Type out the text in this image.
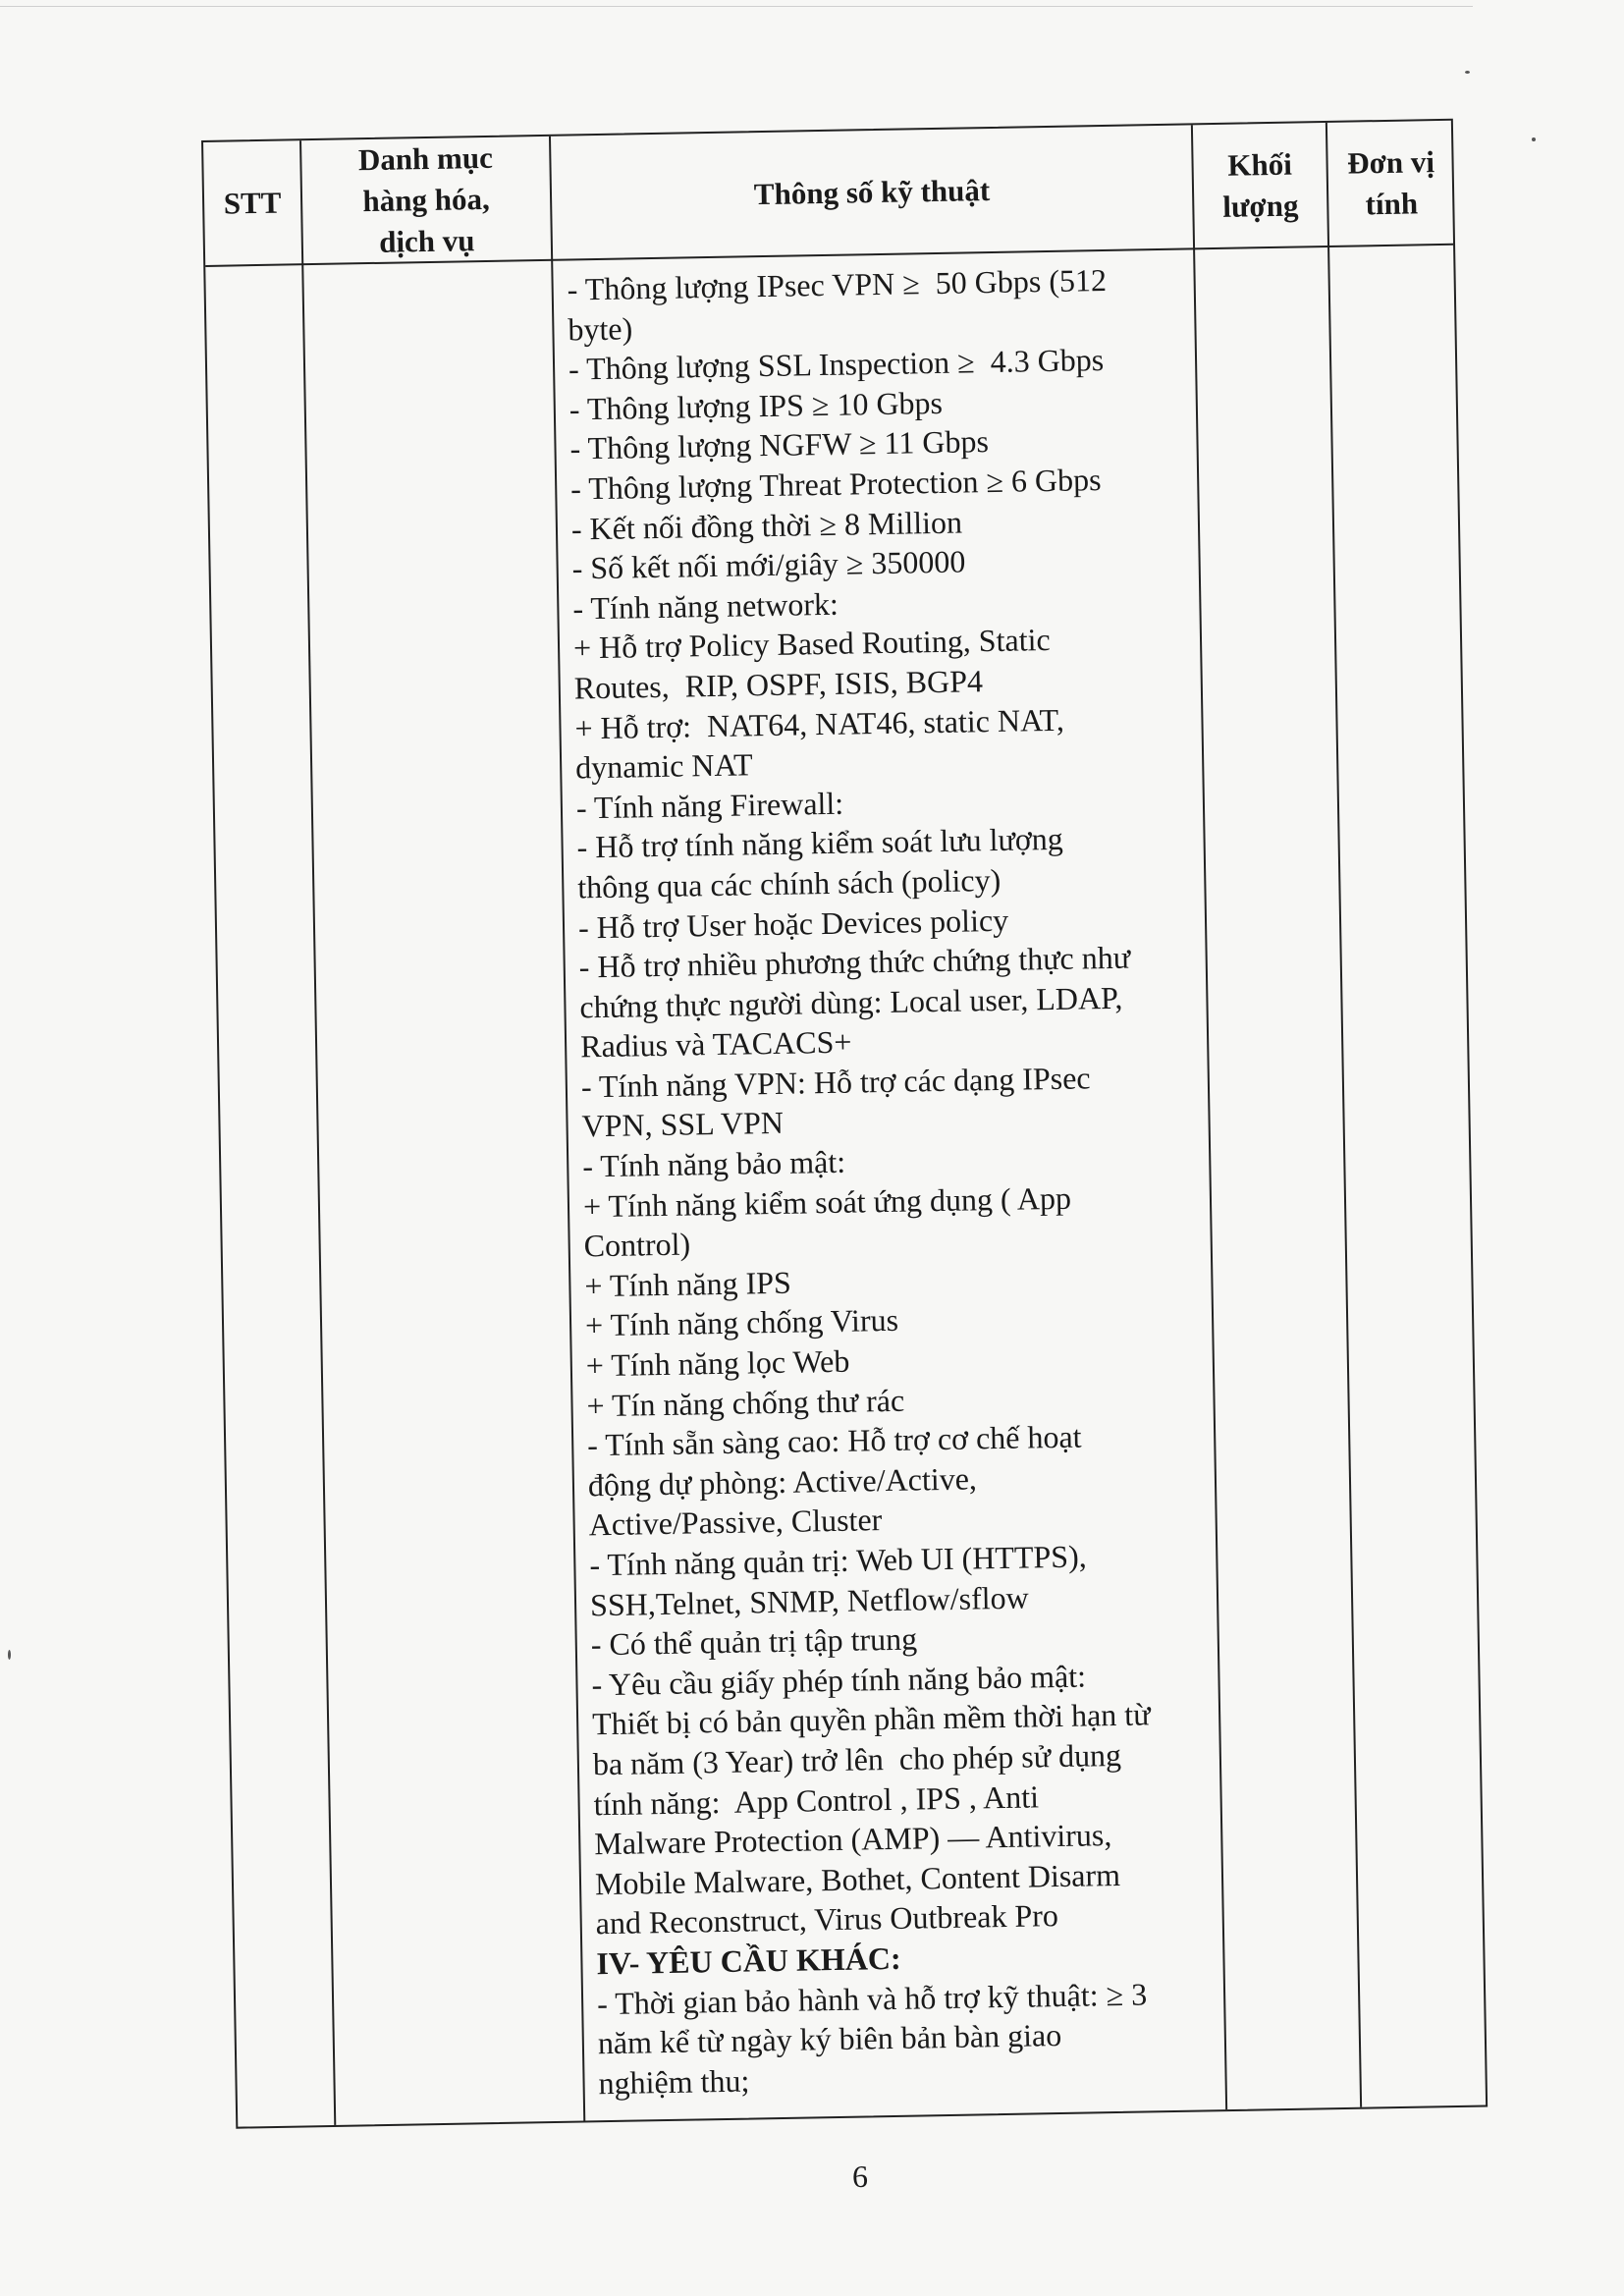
STT
Danh mục
hàng hóa,
dịch vụ
Thông số kỹ thuật
Khối
lượng
Đơn vị
tính
- Thông lượng IPsec VPN ≥  50 Gbps (512
byte)
- Thông lượng SSL Inspection ≥  4.3 Gbps
- Thông lượng IPS ≥ 10 Gbps
- Thông lượng NGFW ≥ 11 Gbps
- Thông lượng Threat Protection ≥ 6 Gbps
- Kết nối đồng thời ≥ 8 Million
- Số kết nối mới/giây ≥ 350000
- Tính năng network:
+ Hỗ trợ Policy Based Routing, Static
Routes,  RIP, OSPF, ISIS, BGP4
+ Hỗ trợ:  NAT64, NAT46, static NAT,
dynamic NAT
- Tính năng Firewall:
- Hỗ trợ tính năng kiểm soát lưu lượng
thông qua các chính sách (policy)
- Hỗ trợ User hoặc Devices policy
- Hỗ trợ nhiều phương thức chứng thực như
chứng thực người dùng: Local user, LDAP,
Radius và TACACS+
- Tính năng VPN: Hỗ trợ các dạng IPsec
VPN, SSL VPN
- Tính năng bảo mật:
+ Tính năng kiểm soát ứng dụng ( App
Control)
+ Tính năng IPS
+ Tính năng chống Virus
+ Tính năng lọc Web
+ Tín năng chống thư rác
- Tính sẵn sàng cao: Hỗ trợ cơ chế hoạt
động dự phòng: Active/Active,
Active/Passive, Cluster
- Tính năng quản trị: Web UI (HTTPS),
SSH,Telnet, SNMP, Netflow/sflow
- Có thể quản trị tập trung
- Yêu cầu giấy phép tính năng bảo mật:
Thiết bị có bản quyền phần mềm thời hạn từ
ba năm (3 Year) trở lên  cho phép sử dụng
tính năng:  App Control , IPS , Anti
Malware Protection (AMP) — Antivirus,
Mobile Malware, Bothet, Content Disarm
and Reconstruct, Virus Outbreak Pro
IV- YÊU CẦU KHÁC:
- Thời gian bảo hành và hỗ trợ kỹ thuật: ≥ 3
năm kể từ ngày ký biên bản bàn giao
nghiệm thu;
6
